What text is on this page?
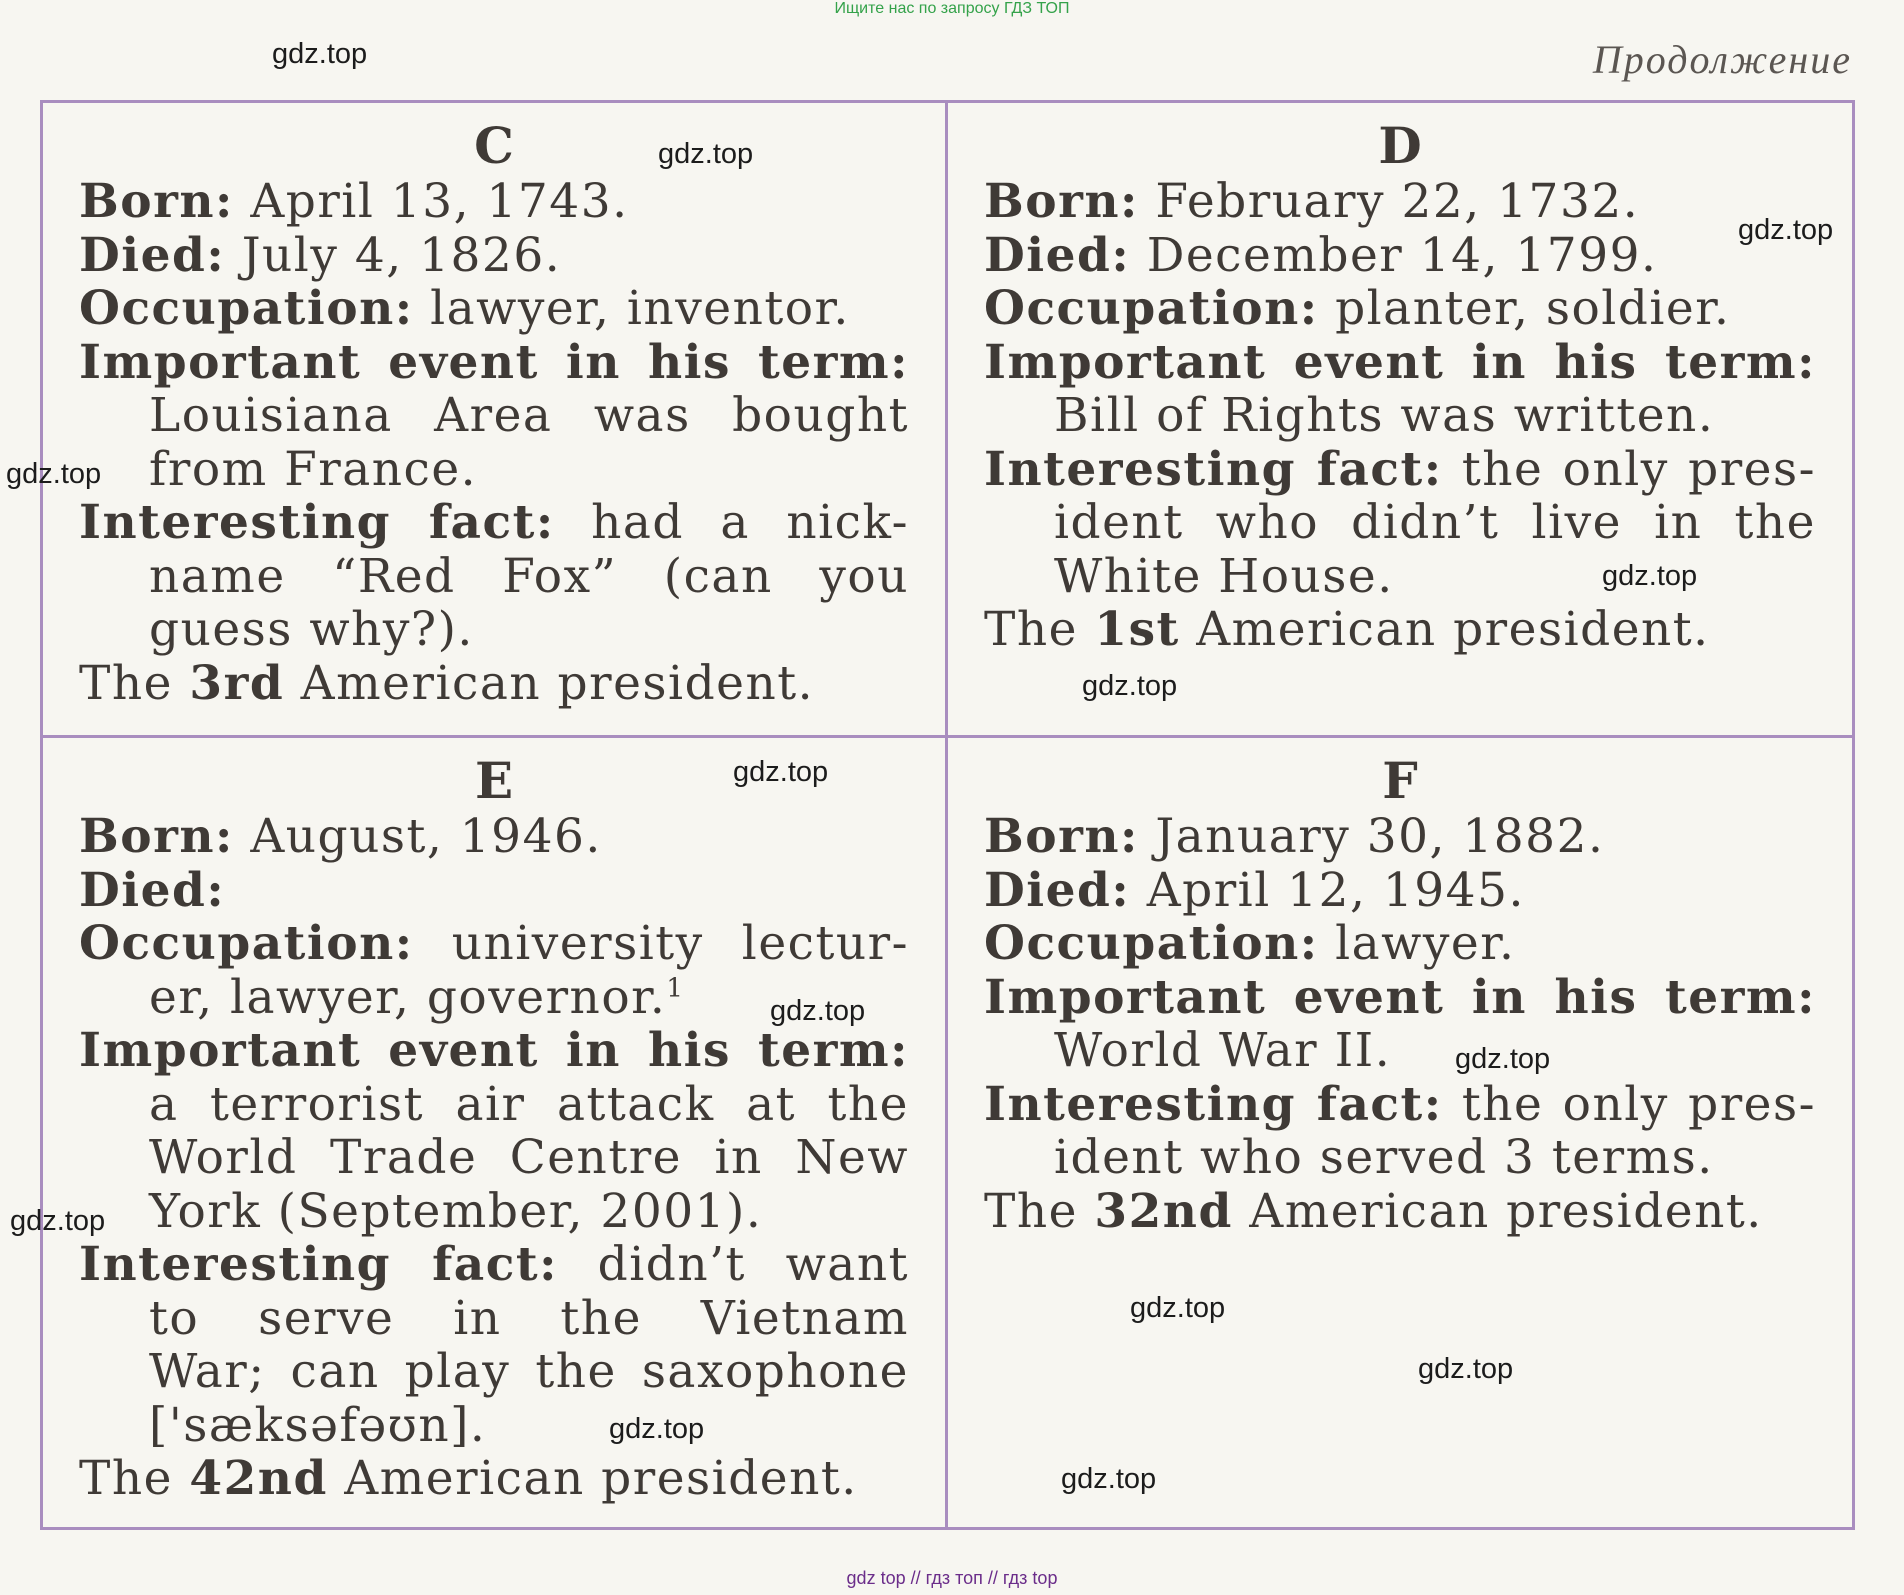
Ищите нас по запросу ГДЗ ТОП
Продолжение
C
Born: April 13, 1743.
Died: July 4, 1826.
Occupation: lawyer, inventor.
Important event in his term:
Louisiana Area was bought
from France.
Interesting fact: had a nick-
name “Red Fox” (can you
guess why?).
The 3rd American president.
D
Born: February 22, 1732.
Died: December 14, 1799.
Occupation: planter, soldier.
Important event in his term:
Bill of Rights was written.
Interesting fact: the only pres-
ident who didn’t live in the
White House.
The 1st American president.
E
Born: August, 1946.
Died:
Occupation: university lectur-
er, lawyer, governor.$^1$
Important event in his term:
a terrorist air attack at the
World Trade Centre in New
York (September, 2001).
Interesting fact: didn’t want
to serve in the Vietnam
War; can play the saxophone
['sæksəfəʊn].
The 42nd American president.
F
Born: January 30, 1882.
Died: April 12, 1945.
Occupation: lawyer.
Important event in his term:
World War II.
Interesting fact: the only pres-
ident who served 3 terms.
The 32nd American president.
gdz.top
gdz.top
gdz.top
gdz.top
gdz.top
gdz.top
gdz.top
gdz.top
gdz.top
gdz.top
gdz.top
gdz.top
gdz.top
gdz.top
gdz top // гдз топ // гдз top
